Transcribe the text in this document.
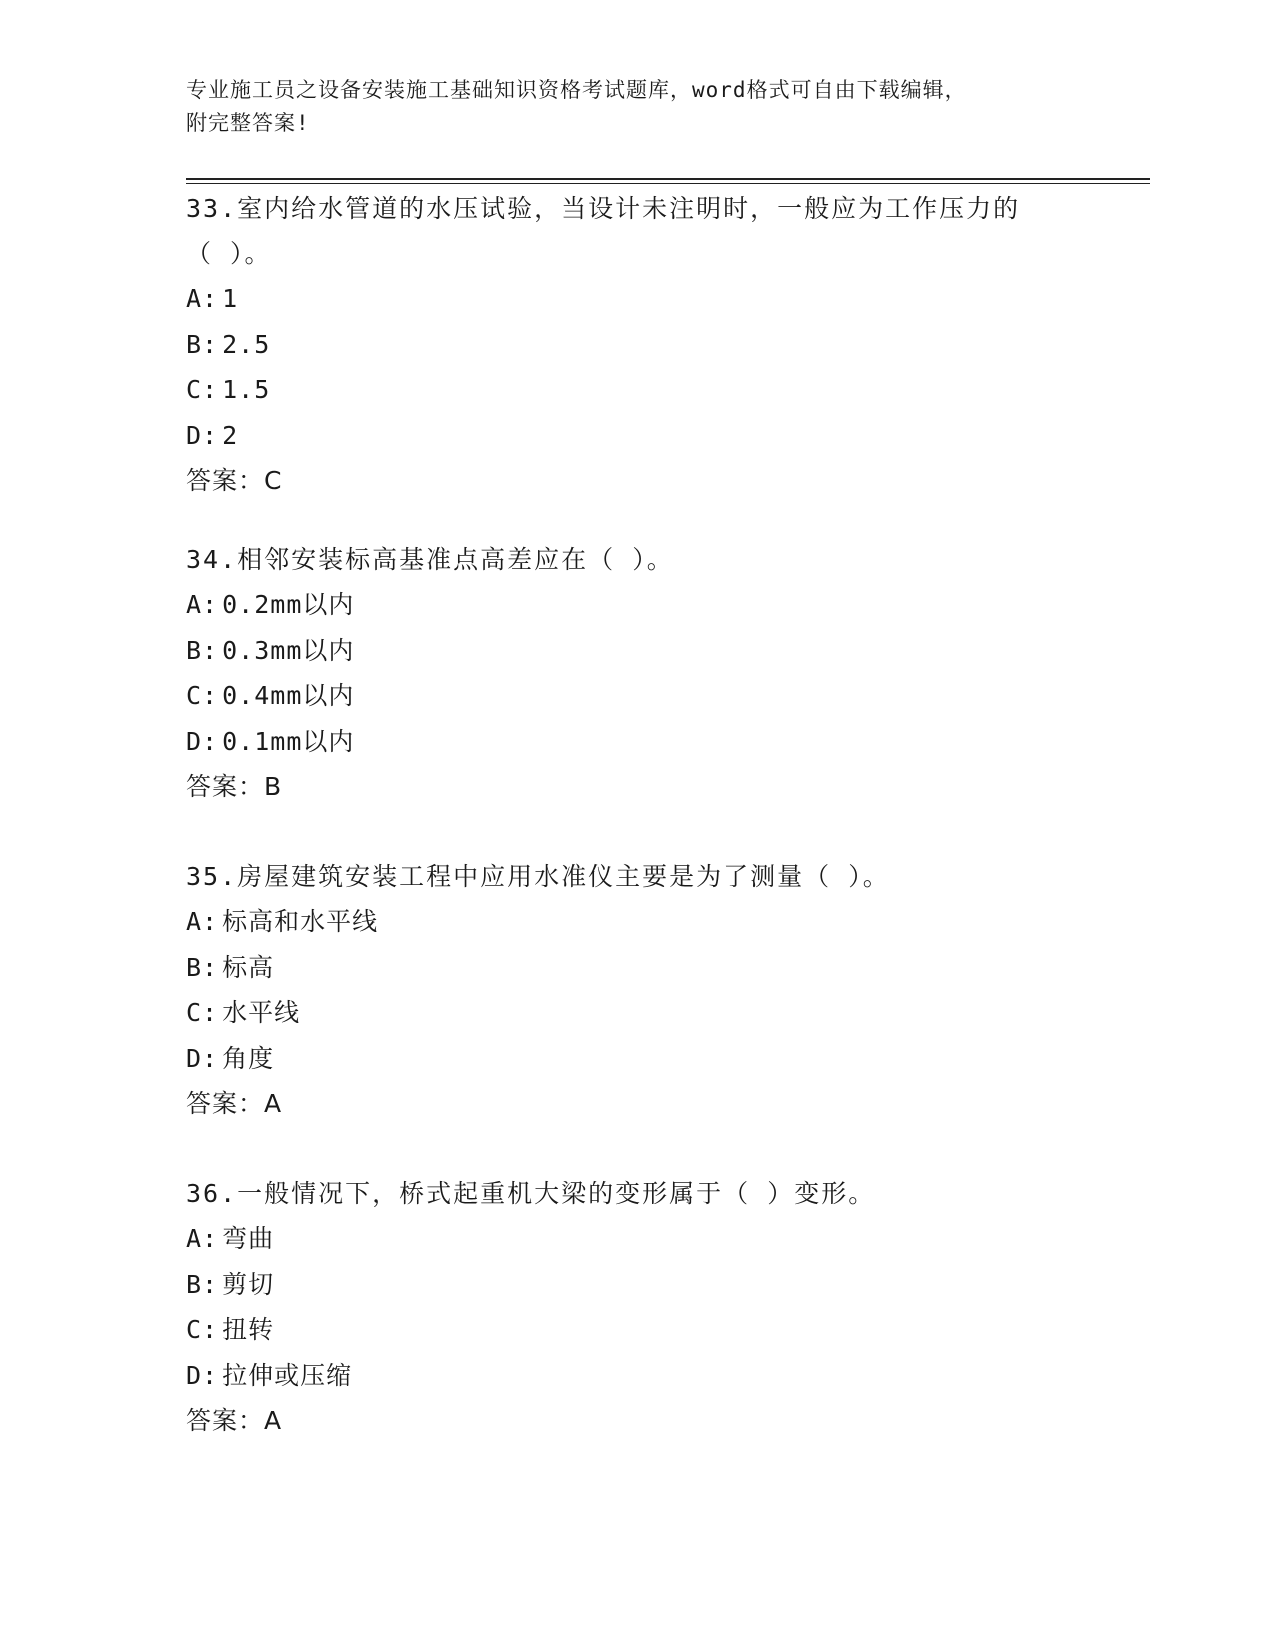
专业施工员之设备安装施工基础知识资格考试题库，word格式可自由下载编辑，
附完整答案!

33.室内给水管道的水压试验，当设计未注明时，一般应为工作压力的

（ ）。

A: 1

B: 2.5

C: 1.5

D: 2

答案：C

34.相邻安装标高基准点高差应在（ ）。

A: 0.2mm以内

B: 0.3mm以内

C: 0.4mm以内

D: 0.1mm以内

答案：B

35.房屋建筑安装工程中应用水准仪主要是为了测量（ ）。

A: 标高和水平线

B: 标高

C: 水平线

D: 角度

答案：A

36.一般情况下，桥式起重机大梁的变形属于（ ）变形。

A: 弯曲

B: 剪切

C: 扭转

D: 拉伸或压缩

答案：A
